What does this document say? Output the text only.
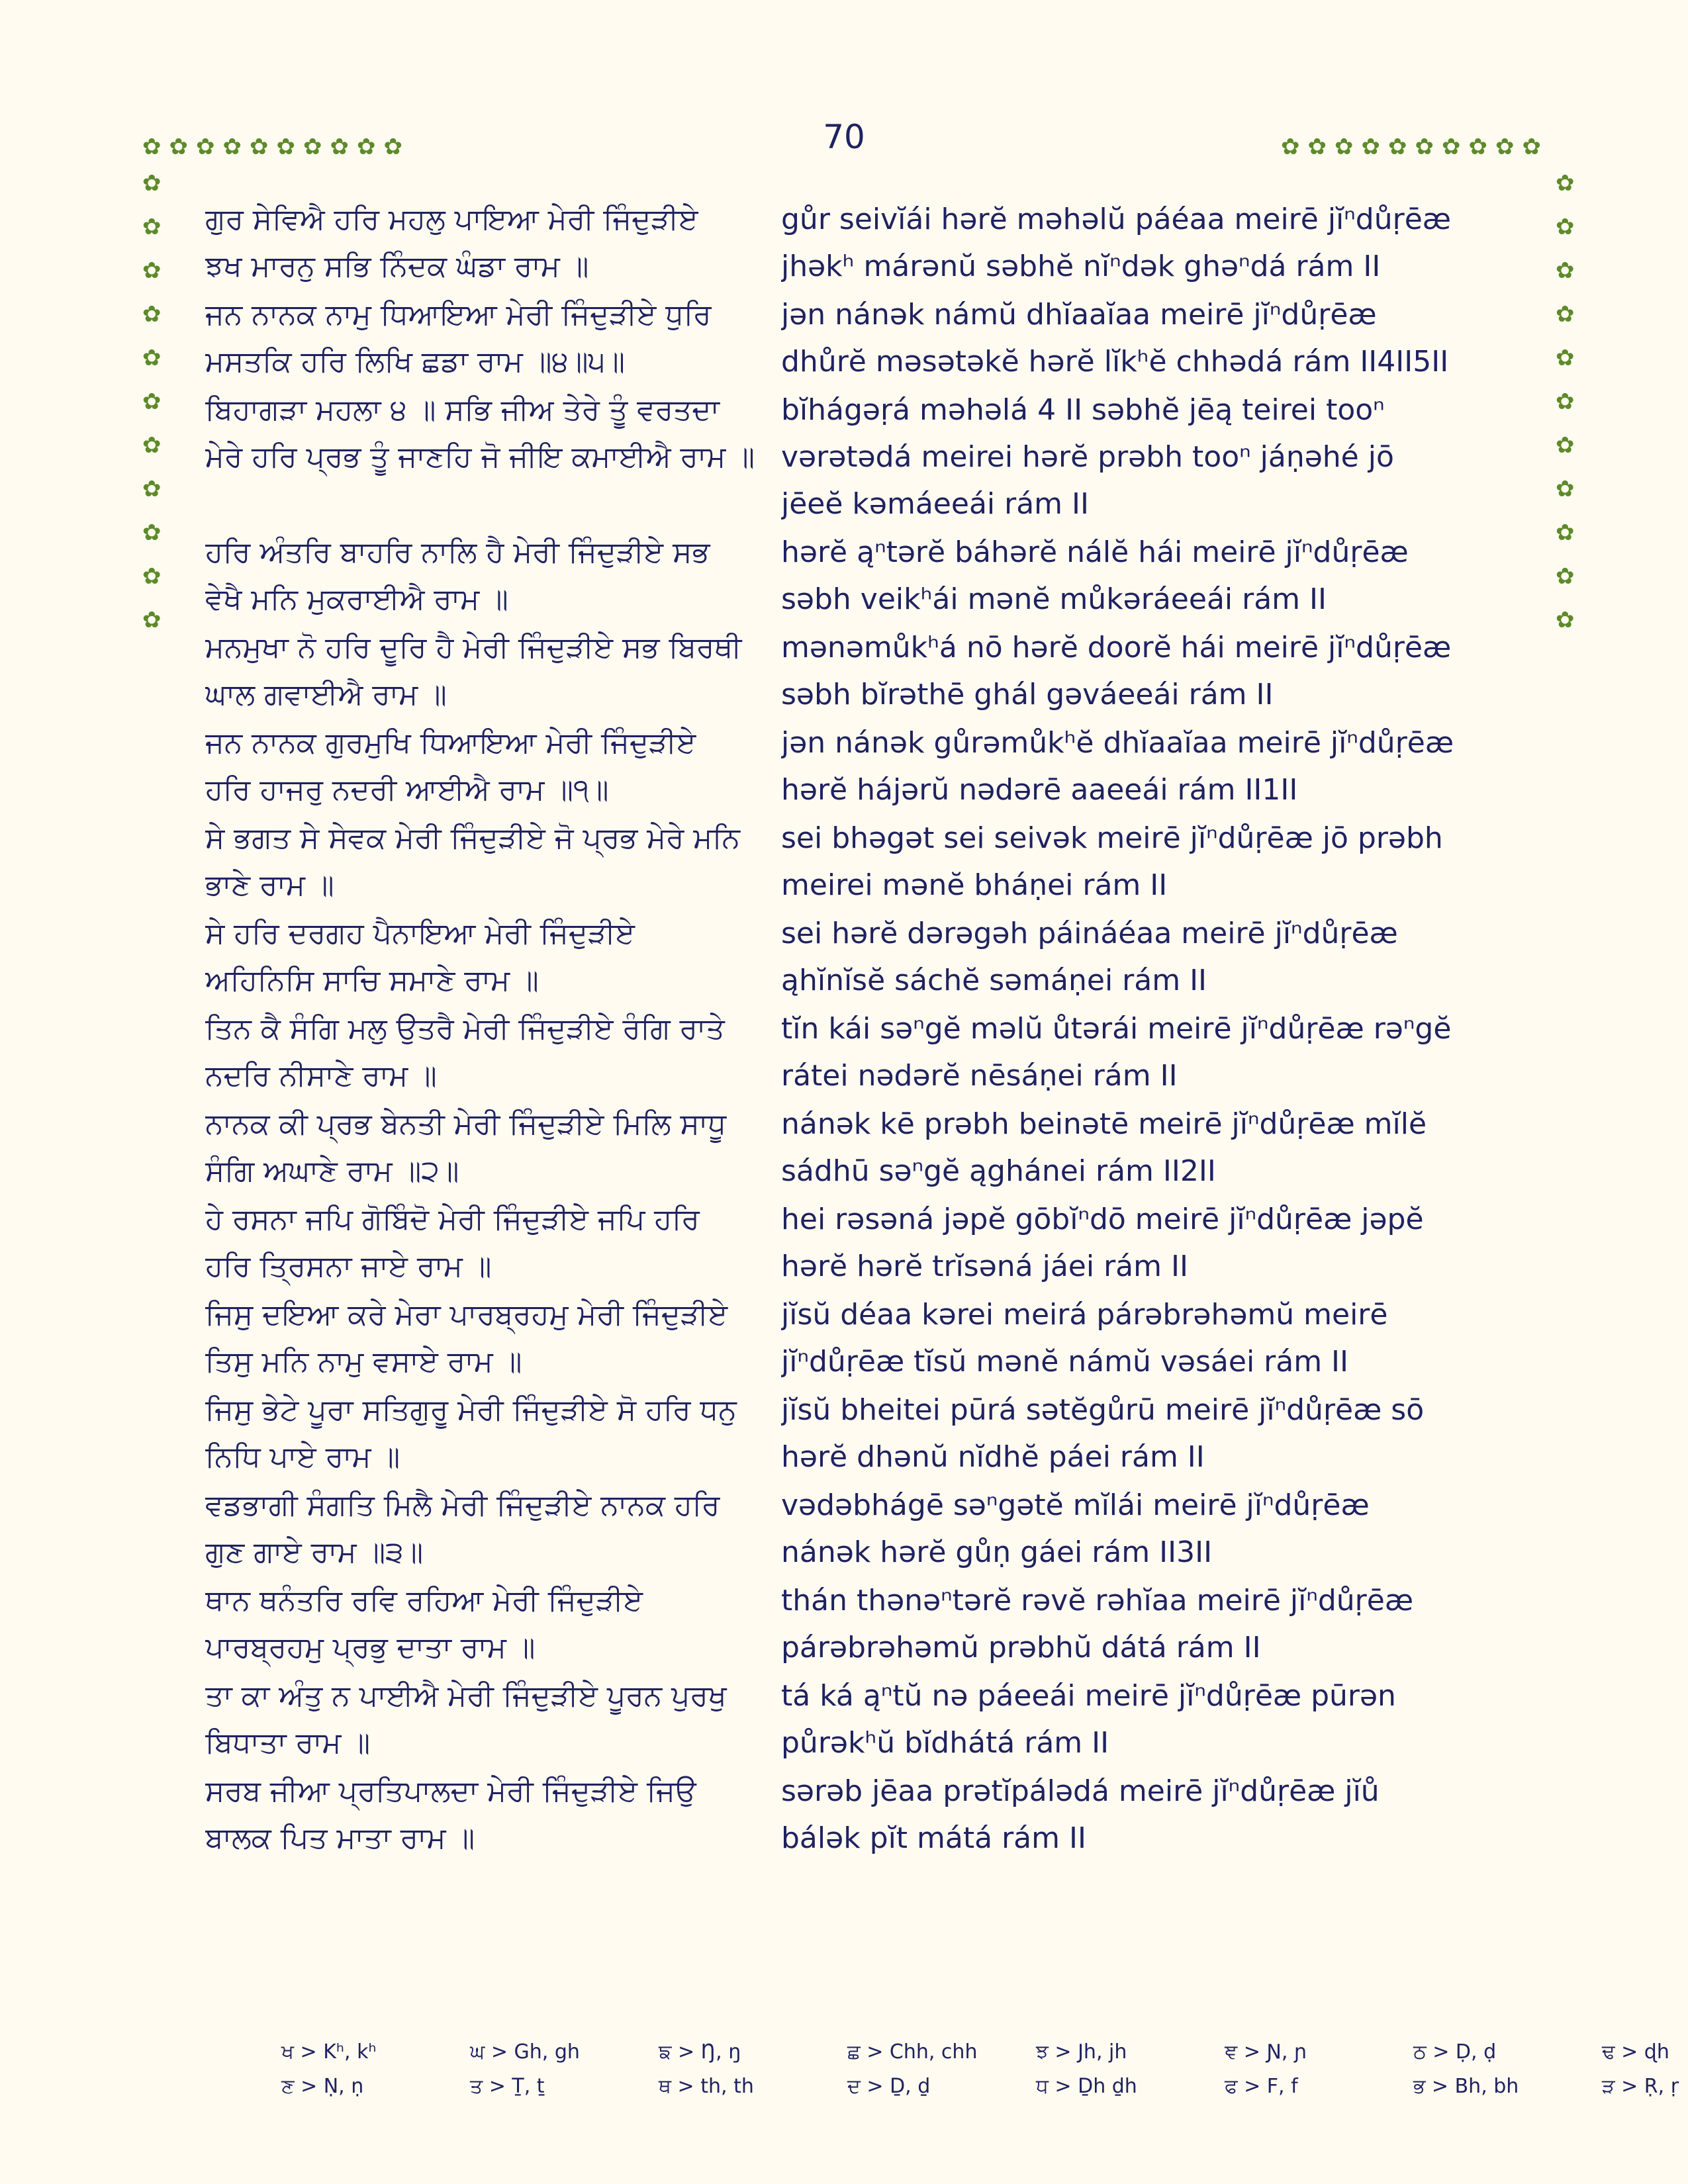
70
✿ ✿ ✿ ✿ ✿ ✿ ✿ ✿ ✿ ✿	✿ ✿ ✿ ✿ ✿ ✿ ✿ ✿ ✿ ✿
✿
✿
✿
✿
✿
✿
✿
✿
✿
✿
✿
✿
✿
✿
✿
✿
✿
✿
✿
✿
✿
✿
ਗੁਰ ਸੇਵਿਐ ਹਰਿ ਮਹਲੁ ਪਾਇਆ ਮੇਰੀ ਜਿੰਦੁੜੀਏ
ਝਖ ਮਾਰਨੁ ਸਭਿ ਨਿੰਦਕ ਘੰਡਾ ਰਾਮ ॥
gůr seivĭái hərĕ məhəlŭ páéaa meirē jĭⁿdůṛēæ
jhəkʰ márənŭ səbhĕ nĭⁿdək ghəⁿdá rám II
ਜਨ ਨਾਨਕ ਨਾਮੁ ਧਿਆਇਆ ਮੇਰੀ ਜਿੰਦੁੜੀਏ ਧੁਰਿ
ਮਸਤਕਿ ਹਰਿ ਲਿਖਿ ਛਡਾ ਰਾਮ ॥੪॥੫॥
jən nánək námŭ dhĭaaĭaa meirē jĭⁿdůṛēæ
dhůrĕ məsətəkĕ hərĕ lĭkʰĕ chhədá rám II4II5II
ਬਿਹਾਗੜਾ ਮਹਲਾ ੪ ॥ ਸਭਿ ਜੀਅ ਤੇਰੇ ਤੂੰ ਵਰਤਦਾ
ਮੇਰੇ ਹਰਿ ਪ੍ਰਭ ਤੂੰ ਜਾਣਹਿ ਜੋ ਜੀਇ ਕਮਾਈਐ ਰਾਮ ॥
bĭhágəṛá məhəlá 4 II səbhĕ jēą teirei tooⁿ
vərətədá meirei hərĕ prəbh tooⁿ jáṇəhé jō
jēeĕ kəmáeeái rám II
ਹਰਿ ਅੰਤਰਿ ਬਾਹਰਿ ਨਾਲਿ ਹੈ ਮੇਰੀ ਜਿੰਦੁੜੀਏ ਸਭ
ਵੇਖੈ ਮਨਿ ਮੁਕਰਾਈਐ ਰਾਮ ॥
hərĕ ąⁿtərĕ báhərĕ nálĕ hái meirē jĭⁿdůṛēæ
səbh veikʰái mənĕ můkəráeeái rám II
ਮਨਮੁਖਾ ਨੋ ਹਰਿ ਦੂਰਿ ਹੈ ਮੇਰੀ ਜਿੰਦੁੜੀਏ ਸਭ ਬਿਰਥੀ
ਘਾਲ ਗਵਾਈਐ ਰਾਮ ॥
mənəmůkʰá nō hərĕ doorĕ hái meirē jĭⁿdůṛēæ
səbh bĭrəthē ghál gəváeeái rám II
ਜਨ ਨਾਨਕ ਗੁਰਮੁਖਿ ਧਿਆਇਆ ਮੇਰੀ ਜਿੰਦੁੜੀਏ
ਹਰਿ ਹਾਜਰੁ ਨਦਰੀ ਆਈਐ ਰਾਮ ॥੧॥
jən nánək gůrəmůkʰĕ dhĭaaĭaa meirē jĭⁿdůṛēæ
hərĕ hájərŭ nədərē aaeeái rám II1II
ਸੇ ਭਗਤ ਸੇ ਸੇਵਕ ਮੇਰੀ ਜਿੰਦੁੜੀਏ ਜੋ ਪ੍ਰਭ ਮੇਰੇ ਮਨਿ
ਭਾਣੇ ਰਾਮ ॥
sei bhəgət sei seivək meirē jĭⁿdůṛēæ jō prəbh
meirei mənĕ bháṇei rám II
ਸੇ ਹਰਿ ਦਰਗਹ ਪੈਨਾਇਆ ਮੇਰੀ ਜਿੰਦੁੜੀਏ
ਅਹਿਨਿਸਿ ਸਾਚਿ ਸਮਾਣੇ ਰਾਮ ॥
sei hərĕ dərəgəh páináéaa meirē jĭⁿdůṛēæ
ąhĭnĭsĕ sáchĕ səmáṇei rám II
ਤਿਨ ਕੈ ਸੰਗਿ ਮਲੁ ਉਤਰੈ ਮੇਰੀ ਜਿੰਦੁੜੀਏ ਰੰਗਿ ਰਾਤੇ
ਨਦਰਿ ਨੀਸਾਣੇ ਰਾਮ ॥
tĭn kái səⁿgĕ məlŭ ůtərái meirē jĭⁿdůṛēæ rəⁿgĕ
rátei nədərĕ nēsáṇei rám II
ਨਾਨਕ ਕੀ ਪ੍ਰਭ ਬੇਨਤੀ ਮੇਰੀ ਜਿੰਦੁੜੀਏ ਮਿਲਿ ਸਾਧੂ
ਸੰਗਿ ਅਘਾਣੇ ਰਾਮ ॥੨॥
nánək kē prəbh beinətē meirē jĭⁿdůṛēæ mĭlĕ
sádhū səⁿgĕ ąghánei rám II2II
ਹੇ ਰਸਨਾ ਜਪਿ ਗੋਬਿੰਦੋ ਮੇਰੀ ਜਿੰਦੁੜੀਏ ਜਪਿ ਹਰਿ
ਹਰਿ ਤ੍ਰਿਸਨਾ ਜਾਏ ਰਾਮ ॥
hei rəsəná jəpĕ gōbĭⁿdō meirē jĭⁿdůṛēæ jəpĕ
hərĕ hərĕ trĭsəná jáei rám II
ਜਿਸੁ ਦਇਆ ਕਰੇ ਮੇਰਾ ਪਾਰਬ੍ਰਹਮੁ ਮੇਰੀ ਜਿੰਦੁੜੀਏ
ਤਿਸੁ ਮਨਿ ਨਾਮੁ ਵਸਾਏ ਰਾਮ ॥
jĭsŭ déaa kərei meirá párəbrəhəmŭ meirē
jĭⁿdůṛēæ tĭsŭ mənĕ námŭ vəsáei rám II
ਜਿਸੁ ਭੇਟੇ ਪੂਰਾ ਸਤਿਗੁਰੂ ਮੇਰੀ ਜਿੰਦੁੜੀਏ ਸੋ ਹਰਿ ਧਨੁ
ਨਿਧਿ ਪਾਏ ਰਾਮ ॥
jĭsŭ bheitei pūrá sətĕgůrū meirē jĭⁿdůṛēæ sō
hərĕ dhənŭ nĭdhĕ páei rám II
ਵਡਭਾਗੀ ਸੰਗਤਿ ਮਿਲੈ ਮੇਰੀ ਜਿੰਦੁੜੀਏ ਨਾਨਕ ਹਰਿ
ਗੁਣ ਗਾਏ ਰਾਮ ॥੩॥
vədəbhágē səⁿgətĕ mĭlái meirē jĭⁿdůṛēæ
nánək hərĕ gůṇ gáei rám II3II
ਥਾਨ ਥਨੰਤਰਿ ਰਵਿ ਰਹਿਆ ਮੇਰੀ ਜਿੰਦੁੜੀਏ
ਪਾਰਬ੍ਰਹਮੁ ਪ੍ਰਭੁ ਦਾਤਾ ਰਾਮ ॥
thán thənəⁿtərĕ rəvĕ rəhĭaa meirē jĭⁿdůṛēæ
párəbrəhəmŭ prəbhŭ dátá rám II
ਤਾ ਕਾ ਅੰਤੁ ਨ ਪਾਈਐ ਮੇਰੀ ਜਿੰਦੁੜੀਏ ਪੂਰਨ ਪੁਰਖੁ
ਬਿਧਾਤਾ ਰਾਮ ॥
tá ká ąⁿtŭ nə páeeái meirē jĭⁿdůṛēæ pūrən
půrəkʰŭ bĭdhátá rám II
ਸਰਬ ਜੀਆ ਪ੍ਰਤਿਪਾਲਦਾ ਮੇਰੀ ਜਿੰਦੁੜੀਏ ਜਿਉ
ਬਾਲਕ ਪਿਤ ਮਾਤਾ ਰਾਮ ॥
sərəb jēaa prətĭpálədá meirē jĭⁿdůṛēæ jĭů
bálək pĭt mátá rám II
ਖ > Kʰ, kʰ	ਘ > Gh, gh	ਙ > Ŋ, ŋ	ਛ > Chh, chh	ਝ > Jh, jh	ਞ > Ɲ, ɲ	ਠ > Ḍ, ḍ	ਢ > ɖh
ਣ > Ṇ, ṇ	ਤ > Ṯ, ṯ	ਥ > th, th	ਦ > Ḏ, ḏ	ਧ > Ḏh ḏh	ਫ > F, f	ਭ > Bh, bh	ੜ > Ṛ, ṛ
